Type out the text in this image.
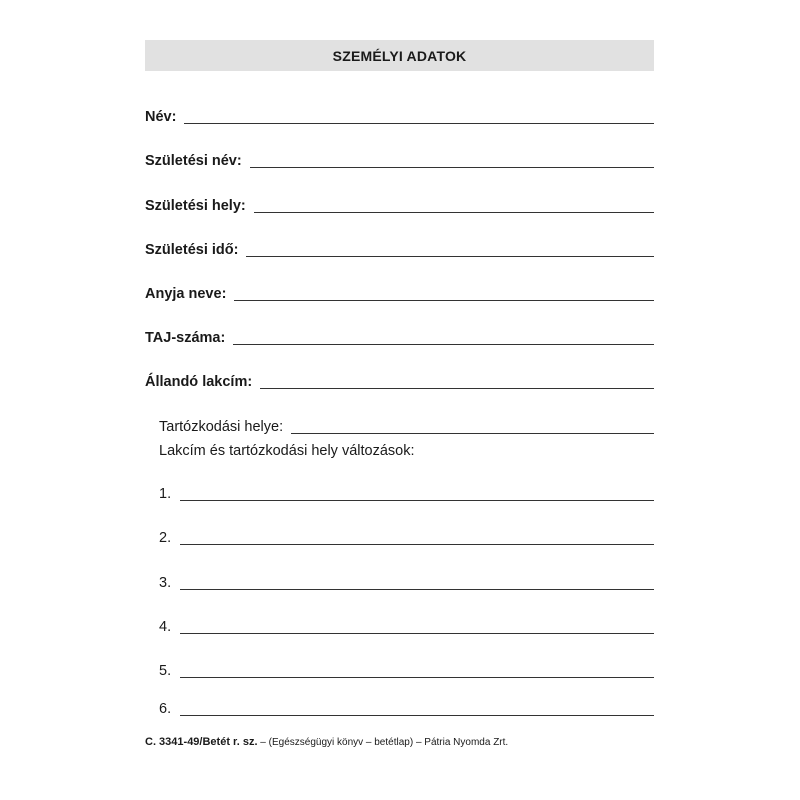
SZEMÉLYI ADATOK
Név:
Születési név:
Születési hely:
Születési idő:
Anyja neve:
TAJ-száma:
Állandó lakcím:
Tartózkodási helye:
Lakcím és tartózkodási hely változások:
1.
2.
3.
4.
5.
6.
C. 3341-49/Betét r. sz. – (Egészségügyi könyv – betétlap) – Pátria Nyomda Zrt.
